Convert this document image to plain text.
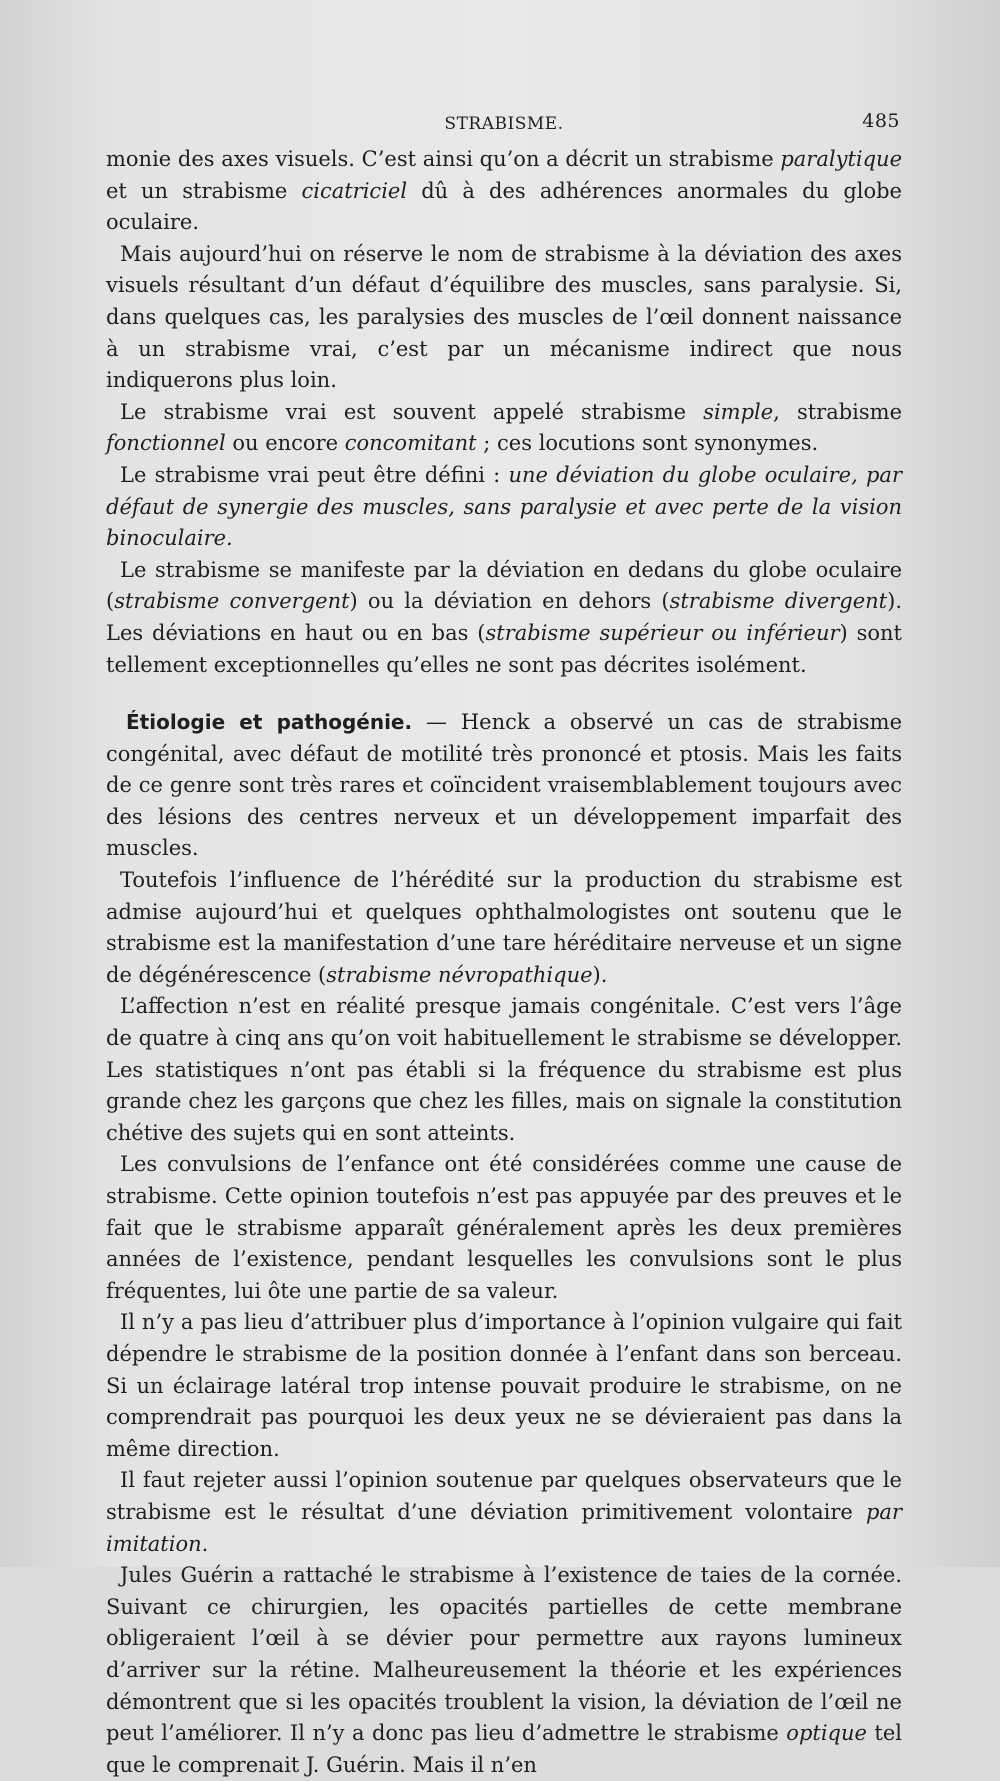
STRABISME.	485

monie des axes visuels. C’est ainsi qu’on a décrit un strabisme paralytique et un strabisme cicatriciel dû à des adhérences anormales du globe oculaire.

Mais aujourd’hui on réserve le nom de strabisme à la déviation des axes visuels résultant d’un défaut d’équilibre des muscles, sans paralysie. Si, dans quelques cas, les paralysies des muscles de l’œil donnent naissance à un strabisme vrai, c’est par un mécanisme indirect que nous indiquerons plus loin.

Le strabisme vrai est souvent appelé strabisme simple, strabisme fonctionnel ou encore concomitant ; ces locutions sont synonymes.

Le strabisme vrai peut être défini : une déviation du globe oculaire, par défaut de synergie des muscles, sans paralysie et avec perte de la vision binoculaire.

Le strabisme se manifeste par la déviation en dedans du globe oculaire (strabisme convergent) ou la déviation en dehors (strabisme divergent). Les déviations en haut ou en bas (strabisme supérieur ou inférieur) sont tellement exceptionnelles qu’elles ne sont pas décrites isolément.

Étiologie et pathogénie. — Henck a observé un cas de strabisme congénital, avec défaut de motilité très prononcé et ptosis. Mais les faits de ce genre sont très rares et coïncident vraisemblablement toujours avec des lésions des centres nerveux et un développement imparfait des muscles.

Toutefois l’influence de l’hérédité sur la production du strabisme est admise aujourd’hui et quelques ophthalmologistes ont soutenu que le strabisme est la manifestation d’une tare héréditaire nerveuse et un signe de dégénérescence (strabisme névropathique).

L’affection n’est en réalité presque jamais congénitale. C’est vers l’âge de quatre à cinq ans qu’on voit habituellement le strabisme se développer. Les statistiques n’ont pas établi si la fréquence du strabisme est plus grande chez les garçons que chez les filles, mais on signale la constitution chétive des sujets qui en sont atteints.

Les convulsions de l’enfance ont été considérées comme une cause de strabisme. Cette opinion toutefois n’est pas appuyée par des preuves et le fait que le strabisme apparaît généralement après les deux premières années de l’existence, pendant lesquelles les convulsions sont le plus fréquentes, lui ôte une partie de sa valeur.

Il n’y a pas lieu d’attribuer plus d’importance à l’opinion vulgaire qui fait dépendre le strabisme de la position donnée à l’enfant dans son berceau. Si un éclairage latéral trop intense pouvait produire le strabisme, on ne comprendrait pas pourquoi les deux yeux ne se dévieraient pas dans la même direction.

Il faut rejeter aussi l’opinion soutenue par quelques observateurs que le strabisme est le résultat d’une déviation primitivement volontaire par imitation.

Jules Guérin a rattaché le strabisme à l’existence de taies de la cornée. Suivant ce chirurgien, les opacités partielles de cette membrane obligeraient l’œil à se dévier pour permettre aux rayons lumineux d’arriver sur la rétine. Malheureusement la théorie et les expériences démontrent que si les opacités troublent la vision, la déviation de l’œil ne peut l’améliorer. Il n’y a donc pas lieu d’admettre le strabisme optique tel que le comprenait J. Guérin. Mais il n’en
